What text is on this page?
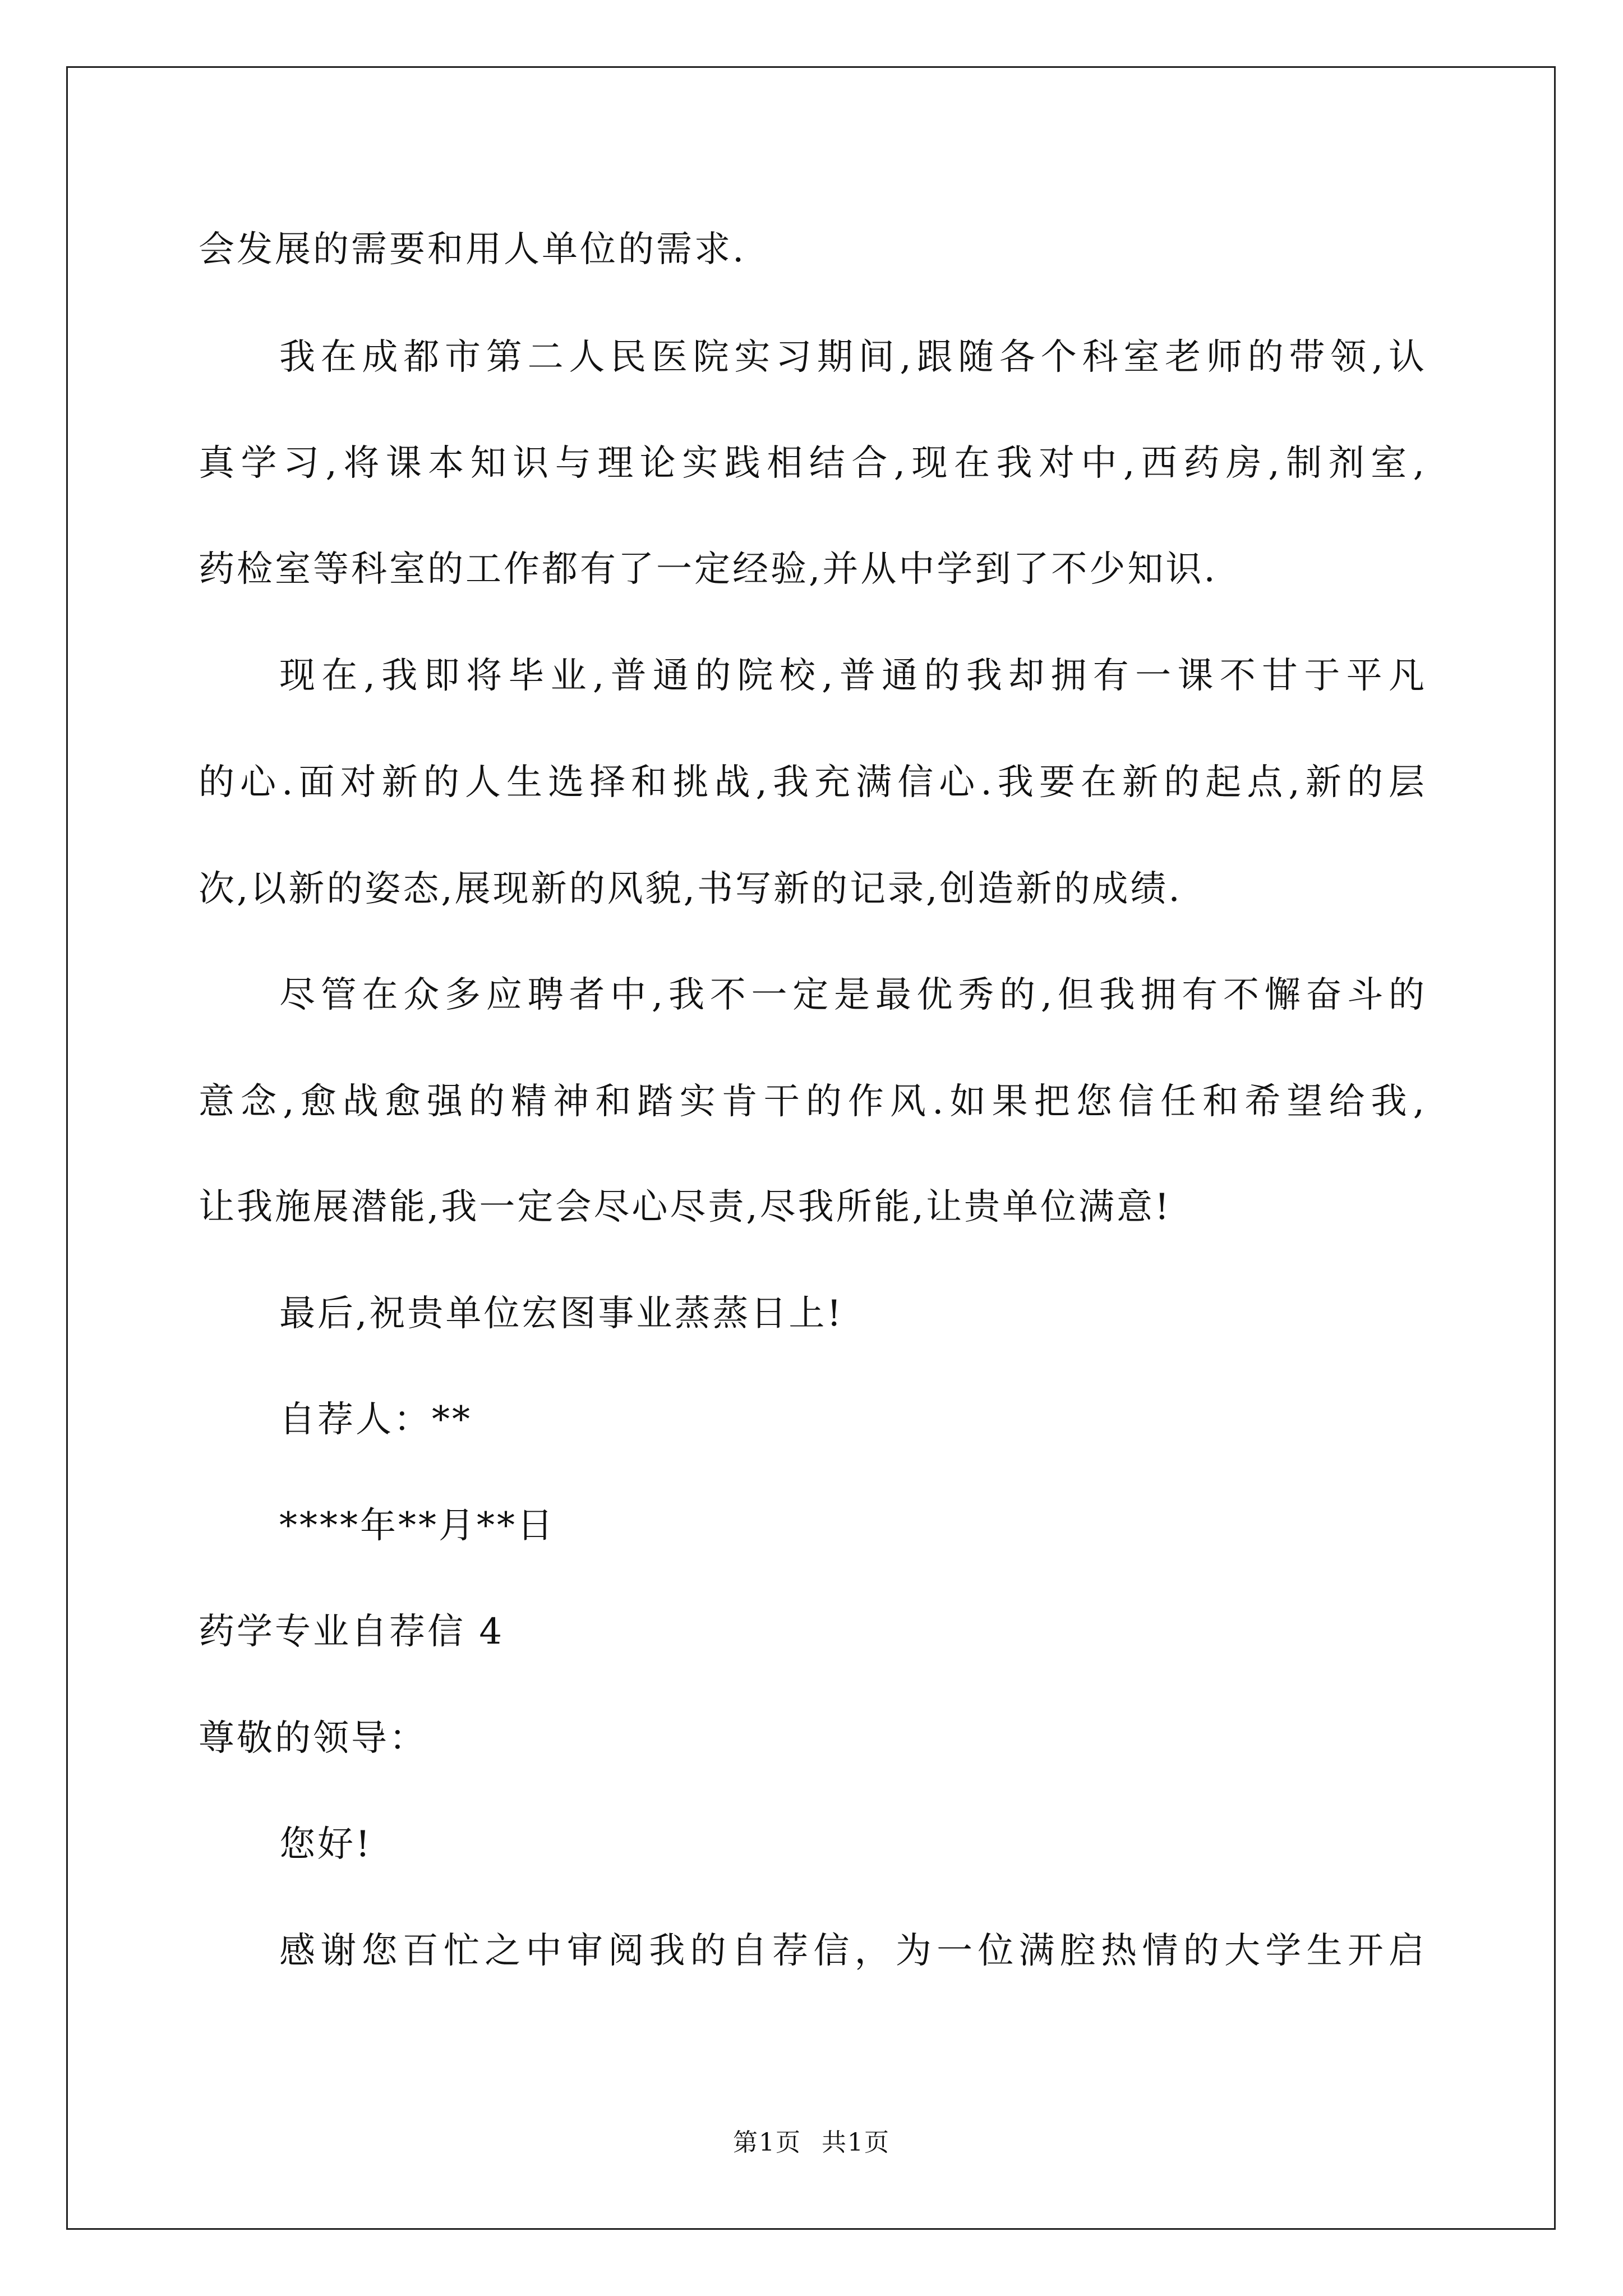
会发展的需要和用人单位的需求.
我在成都市第二人民医院实习期间,跟随各个科室老师的带领,认
真学习,将课本知识与理论实践相结合,现在我对中,西药房,制剂室,
药检室等科室的工作都有了一定经验,并从中学到了不少知识.
现在,我即将毕业,普通的院校,普通的我却拥有一课不甘于平凡
的心.面对新的人生选择和挑战,我充满信心.我要在新的起点,新的层
次,以新的姿态,展现新的风貌,书写新的记录,创造新的成绩.
尽管在众多应聘者中,我不一定是最优秀的,但我拥有不懈奋斗的
意念,愈战愈强的精神和踏实肯干的作风.如果把您信任和希望给我,
让我施展潜能,我一定会尽心尽责,尽我所能,让贵单位满意!
最后,祝贵单位宏图事业蒸蒸日上!
自荐人：**
****年**月**日
药学专业自荐信 4
尊敬的领导：
您好!
感谢您百忙之中审阅我的自荐信，为一位满腔热情的大学生开启
第1页 共1页
